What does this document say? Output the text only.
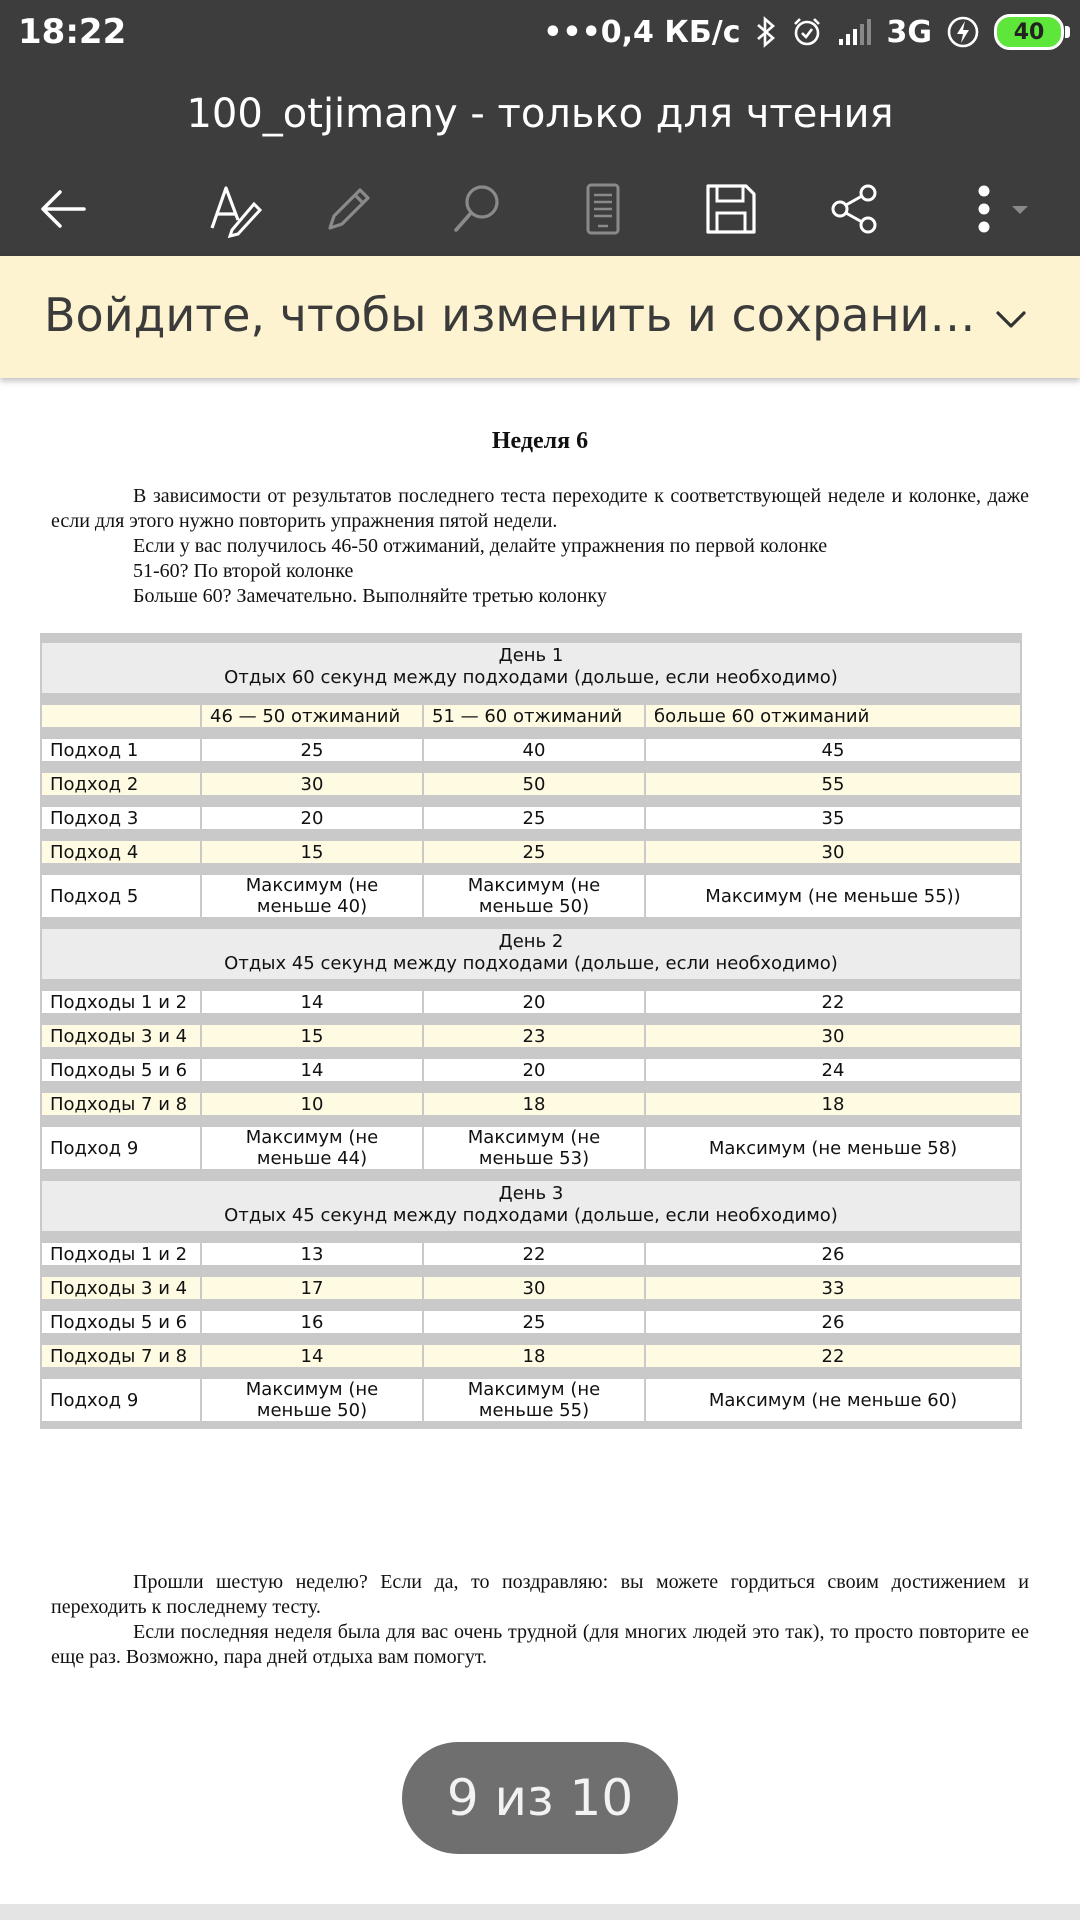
18:22	•••0,4 КБ/с	3G	40
100_otjimany - только для чтения
Войдите, чтобы изменить и сохрани…
Неделя 6

В зависимости от результатов последнего теста переходите к соответствующей неделе и колонке, даже если для этого нужно повторить упражнения пятой недели.

Если у вас получилось 46-50 отжиманий, делайте упражнения по первой колонке

51-60? По второй колонке

Больше 60? Замечательно. Выполняйте третью колонку

День 1
Отдых 60 секунд между подходами (дольше, если необходимо)			

	46 — 50 отжиманий	51 — 60 отжиманий	больше 60 отжиманий

Подход 1	25	40	45

Подход 2	30	50	55

Подход 3	20	25	35

Подход 4	15	25	30

Подход 5	Максимум (не меньше 40)	Максимум (не меньше 50)	Максимум (не меньше 55))

День 2
Отдых 45 секунд между подходами (дольше, если необходимо)			

Подходы 1 и 2	14	20	22

Подходы 3 и 4	15	23	30

Подходы 5 и 6	14	20	24

Подходы 7 и 8	10	18	18

Подход 9	Максимум (не меньше 44)	Максимум (не меньше 53)	Максимум (не меньше 58)

День 3
Отдых 45 секунд между подходами (дольше, если необходимо)			

Подходы 1 и 2	13	22	26

Подходы 3 и 4	17	30	33

Подходы 5 и 6	16	25	26

Подходы 7 и 8	14	18	22

Подход 9	Максимум (не меньше 50)	Максимум (не меньше 55)	Максимум (не меньше 60)

Прошли шестую неделю? Если да, то поздравляю: вы можете гордиться своим достижением и переходить к последнему тесту.

Если последняя неделя была для вас очень трудной (для многих людей это так), то просто повторите ее еще раз. Возможно, пара дней отдыха вам помогут.

9 из 10
